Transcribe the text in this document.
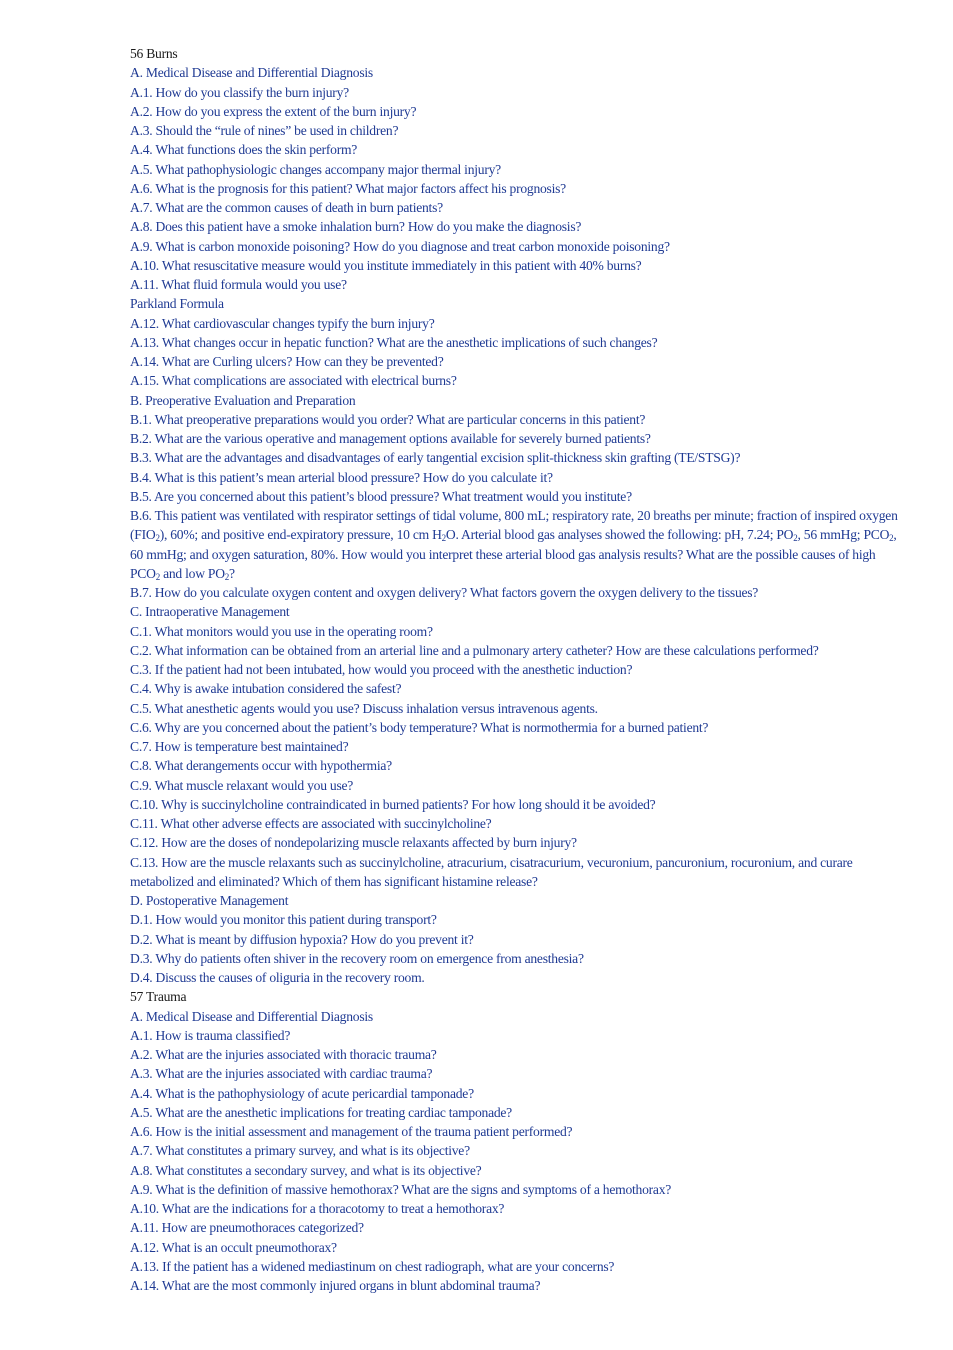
56 Burns
A. Medical Disease and Differential Diagnosis
A.1. How do you classify the burn injury?
A.2. How do you express the extent of the burn injury?
A.3. Should the “rule of nines” be used in children?
A.4. What functions does the skin perform?
A.5. What pathophysiologic changes accompany major thermal injury?
A.6. What is the prognosis for this patient? What major factors affect his prognosis?
A.7. What are the common causes of death in burn patients?
A.8. Does this patient have a smoke inhalation burn? How do you make the diagnosis?
A.9. What is carbon monoxide poisoning? How do you diagnose and treat carbon monoxide poisoning?
A.10. What resuscitative measure would you institute immediately in this patient with 40% burns?
A.11. What fluid formula would you use?
Parkland Formula
A.12. What cardiovascular changes typify the burn injury?
A.13. What changes occur in hepatic function? What are the anesthetic implications of such changes?
A.14. What are Curling ulcers? How can they be prevented?
A.15. What complications are associated with electrical burns?
B. Preoperative Evaluation and Preparation
B.1. What preoperative preparations would you order? What are particular concerns in this patient?
B.2. What are the various operative and management options available for severely burned patients?
B.3. What are the advantages and disadvantages of early tangential excision split-thickness skin grafting (TE/STSG)?
B.4. What is this patient’s mean arterial blood pressure? How do you calculate it?
B.5. Are you concerned about this patient’s blood pressure? What treatment would you institute?
B.6. This patient was ventilated with respirator settings of tidal volume, 800 mL; respiratory rate, 20 breaths per minute; fraction of inspired oxygen $(FIO_2)$, 60%; and positive end-expiratory pressure, 10 cm $H_2O$. Arterial blood gas analyses showed the following: pH, 7.24; $PO_2$, 56 mmHg; $PCO_2$, 60 mmHg; and oxygen saturation, 80%. How would you interpret these arterial blood gas analysis results? What are the possible causes of high $PCO_2$ and low $PO_2$?
B.7. How do you calculate oxygen content and oxygen delivery? What factors govern the oxygen delivery to the tissues?
C. Intraoperative Management
C.1. What monitors would you use in the operating room?
C.2. What information can be obtained from an arterial line and a pulmonary artery catheter? How are these calculations performed?
C.3. If the patient had not been intubated, how would you proceed with the anesthetic induction?
C.4. Why is awake intubation considered the safest?
C.5. What anesthetic agents would you use? Discuss inhalation versus intravenous agents.
C.6. Why are you concerned about the patient’s body temperature? What is normothermia for a burned patient?
C.7. How is temperature best maintained?
C.8. What derangements occur with hypothermia?
C.9. What muscle relaxant would you use?
C.10. Why is succinylcholine contraindicated in burned patients? For how long should it be avoided?
C.11. What other adverse effects are associated with succinylcholine?
C.12. How are the doses of nondepolarizing muscle relaxants affected by burn injury?
C.13. How are the muscle relaxants such as succinylcholine, atracurium, cisatracurium, vecuronium, pancuronium, rocuronium, and curare metabolized and eliminated? Which of them has significant histamine release?
D. Postoperative Management
D.1. How would you monitor this patient during transport?
D.2. What is meant by diffusion hypoxia? How do you prevent it?
D.3. Why do patients often shiver in the recovery room on emergence from anesthesia?
D.4. Discuss the causes of oliguria in the recovery room.
57 Trauma
A. Medical Disease and Differential Diagnosis
A.1. How is trauma classified?
A.2. What are the injuries associated with thoracic trauma?
A.3. What are the injuries associated with cardiac trauma?
A.4. What is the pathophysiology of acute pericardial tamponade?
A.5. What are the anesthetic implications for treating cardiac tamponade?
A.6. How is the initial assessment and management of the trauma patient performed?
A.7. What constitutes a primary survey, and what is its objective?
A.8. What constitutes a secondary survey, and what is its objective?
A.9. What is the definition of massive hemothorax? What are the signs and symptoms of a hemothorax?
A.10. What are the indications for a thoracotomy to treat a hemothorax?
A.11. How are pneumothoraces categorized?
A.12. What is an occult pneumothorax?
A.13. If the patient has a widened mediastinum on chest radiograph, what are your concerns?
A.14. What are the most commonly injured organs in blunt abdominal trauma?
